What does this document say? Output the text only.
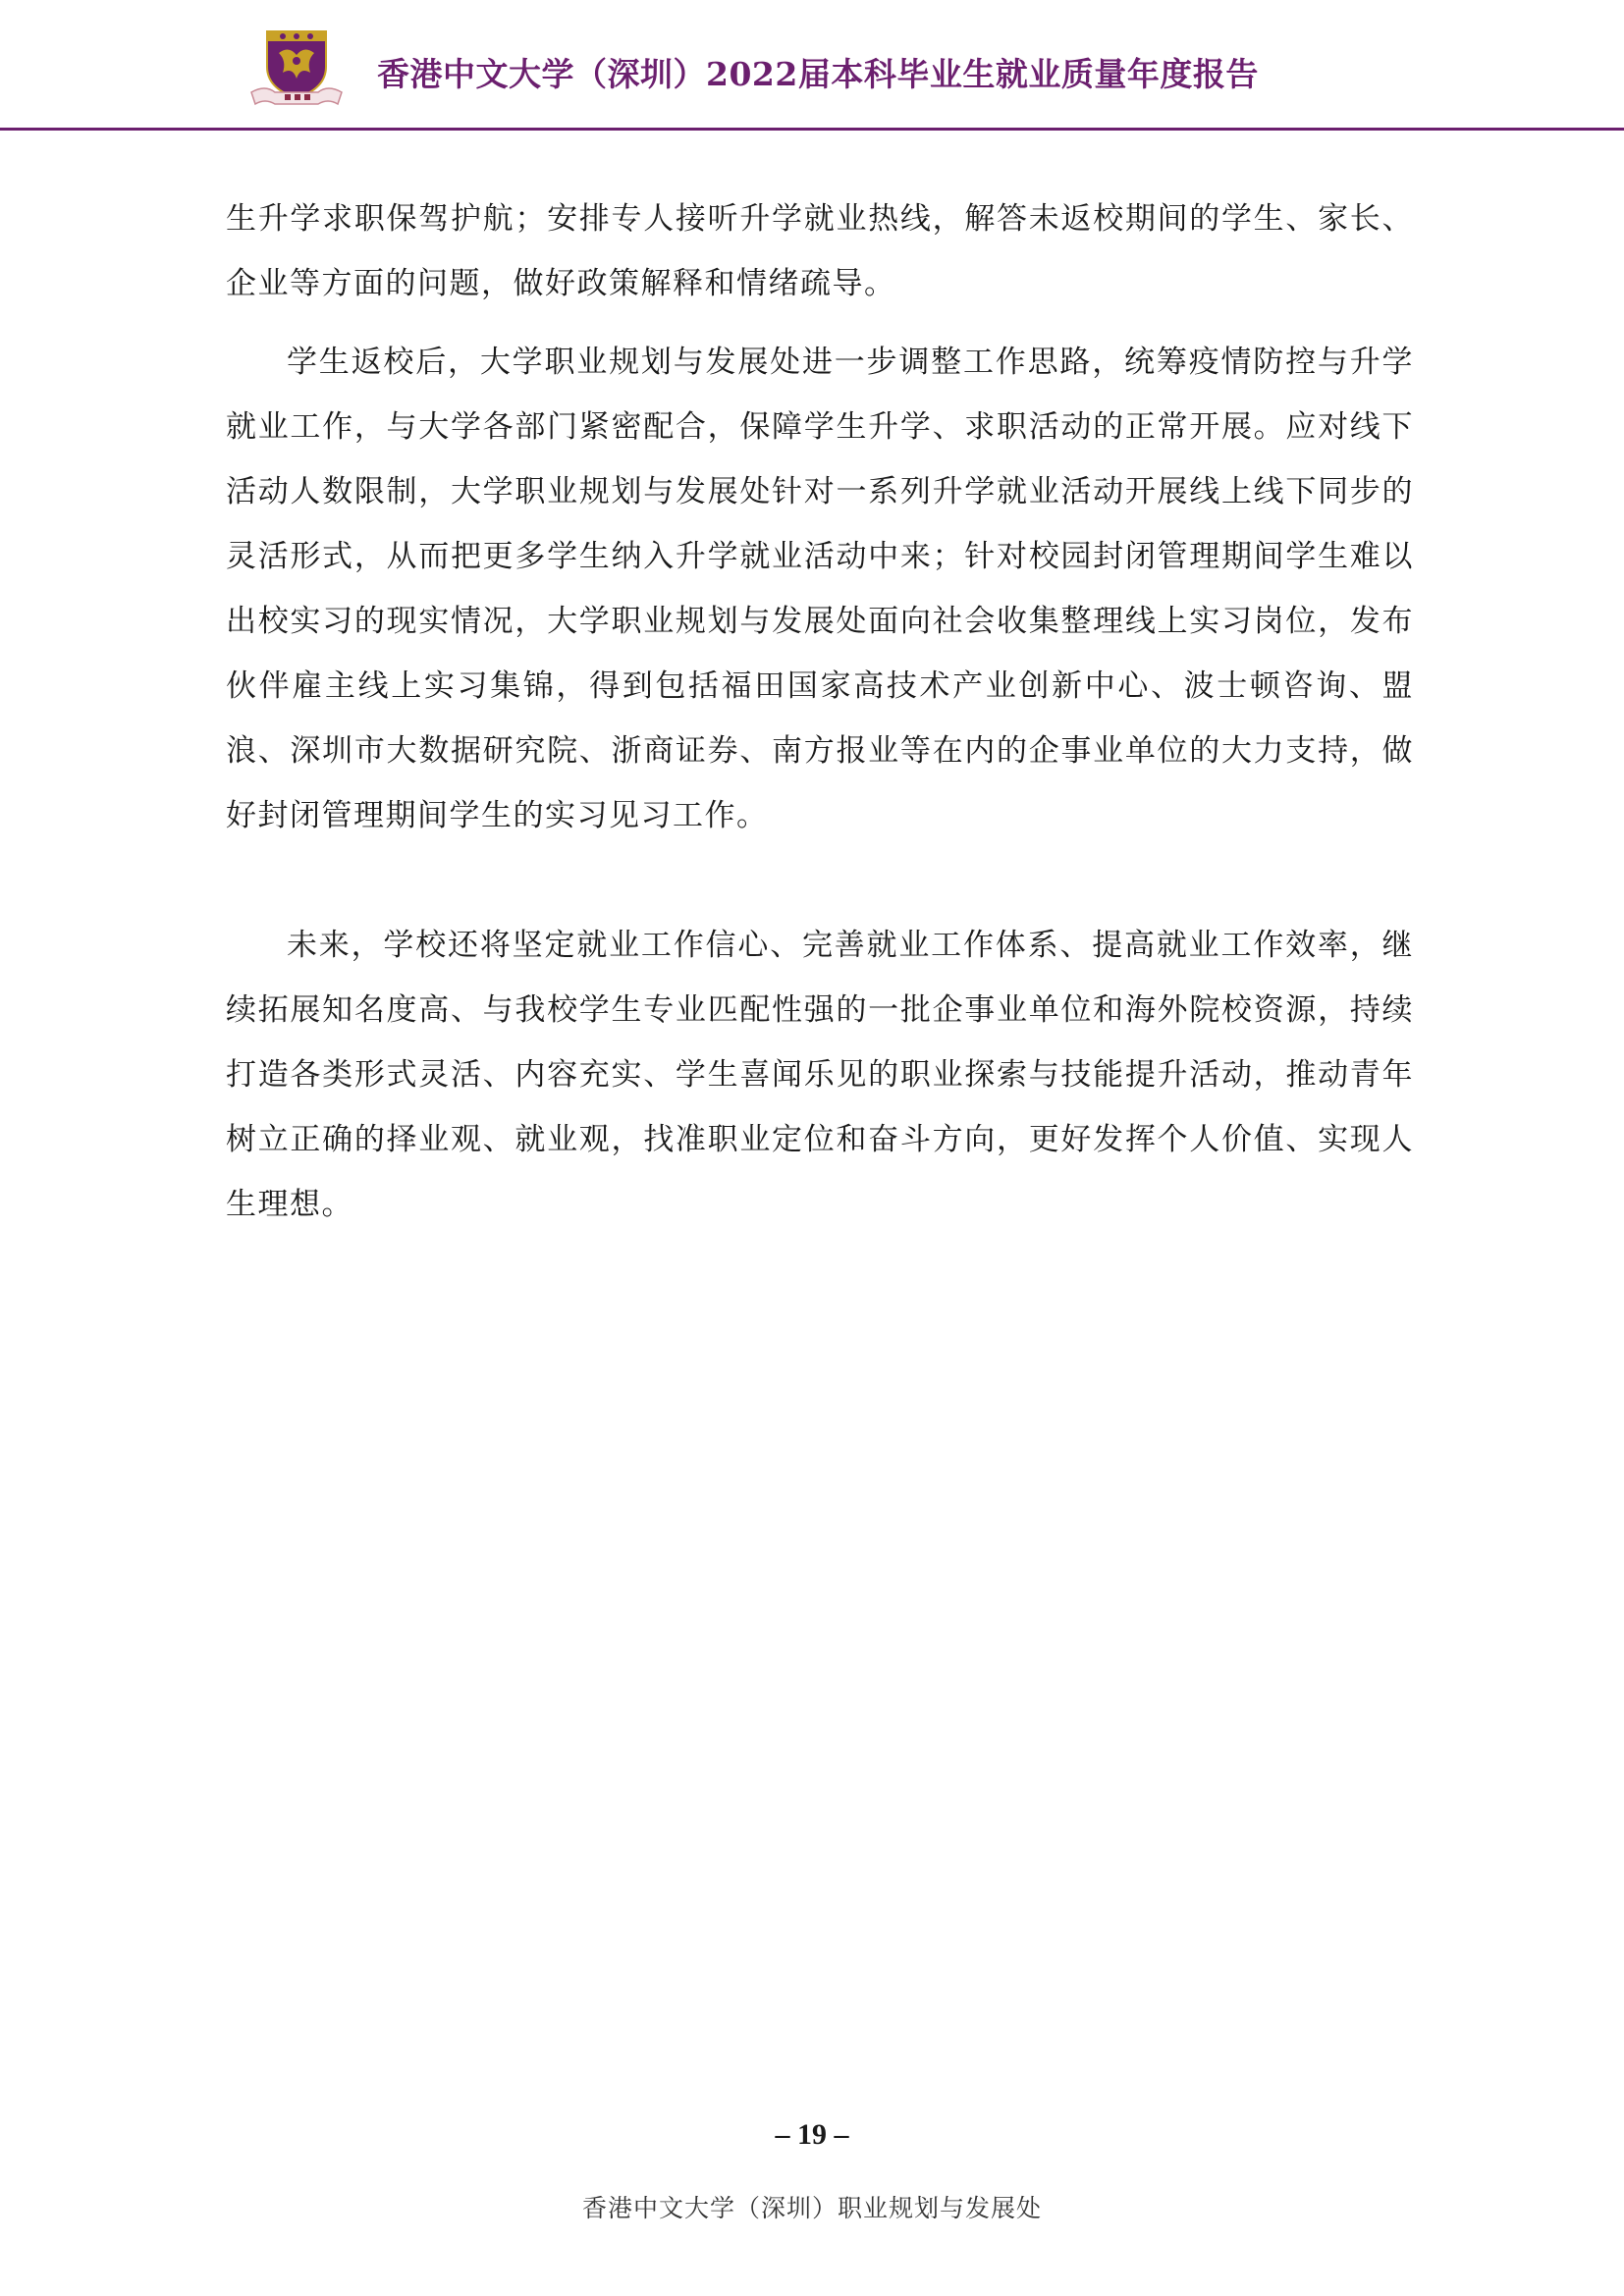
香港中文大学（深圳）2022届本科毕业生就业质量年度报告

生升学求职保驾护航；安排专人接听升学就业热线，解答未返校期间的学生、家长、企业等方面的问题，做好政策解释和情绪疏导。

学生返校后，大学职业规划与发展处进一步调整工作思路，统筹疫情防控与升学就业工作，与大学各部门紧密配合，保障学生升学、求职活动的正常开展。应对线下活动人数限制，大学职业规划与发展处针对一系列升学就业活动开展线上线下同步的灵活形式，从而把更多学生纳入升学就业活动中来；针对校园封闭管理期间学生难以出校实习的现实情况，大学职业规划与发展处面向社会收集整理线上实习岗位，发布伙伴雇主线上实习集锦，得到包括福田国家高技术产业创新中心、波士顿咨询、盟浪、深圳市大数据研究院、浙商证券、南方报业等在内的企事业单位的大力支持，做好封闭管理期间学生的实习见习工作。

未来，学校还将坚定就业工作信心、完善就业工作体系、提高就业工作效率，继续拓展知名度高、与我校学生专业匹配性强的一批企事业单位和海外院校资源，持续打造各类形式灵活、内容充实、学生喜闻乐见的职业探索与技能提升活动，推动青年树立正确的择业观、就业观，找准职业定位和奋斗方向，更好发挥个人价值、实现人生理想。

– 19 –
香港中文大学（深圳）职业规划与发展处
